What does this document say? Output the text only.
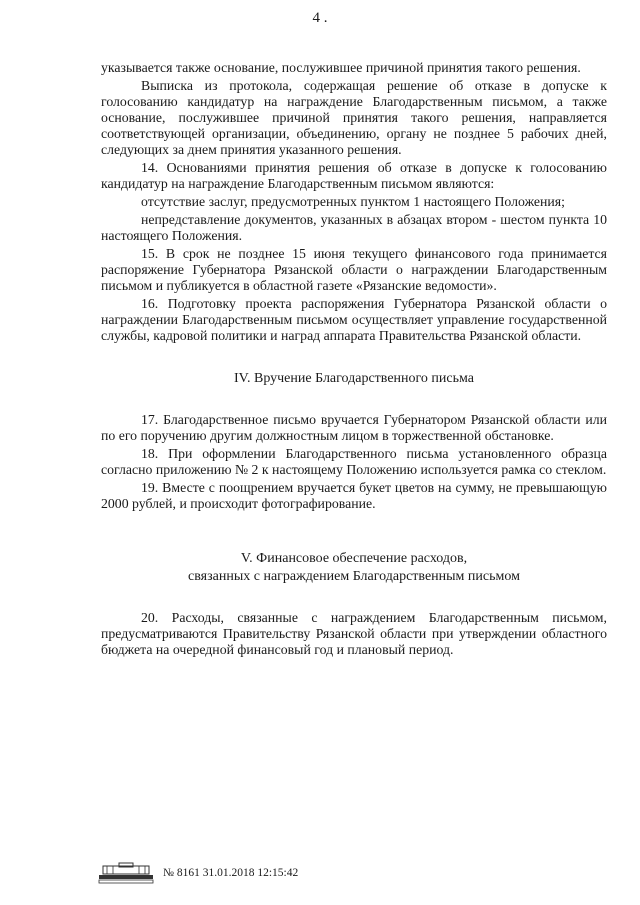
4 .

указывается также основание, послужившее причиной принятия такого решения.

Выписка из протокола, содержащая решение об отказе в допуске к голосованию кандидатур на награждение Благодарственным письмом, а также основание, послужившее причиной принятия такого решения, направляется соответствующей организации, объединению, органу не позднее 5 рабочих дней, следующих за днем принятия указанного решения.

14. Основаниями принятия решения об отказе в допуске к голосованию кандидатур на награждение Благодарственным письмом являются:

отсутствие заслуг, предусмотренных пунктом 1 настоящего Положения;

непредставление документов, указанных в абзацах втором - шестом пункта 10 настоящего Положения.

15. В срок не позднее 15 июня текущего финансового года принимается распоряжение Губернатора Рязанской области о награждении Благодарственным письмом и публикуется в областной газете «Рязанские ведомости».

16. Подготовку проекта распоряжения Губернатора Рязанской области о награждении Благодарственным письмом осуществляет управление государственной службы, кадровой политики и наград аппарата Правительства Рязанской области.

IV. Вручение Благодарственного письма

17. Благодарственное письмо вручается Губернатором Рязанской области или по его поручению другим должностным лицом в торжественной обстановке.

18. При оформлении Благодарственного письма установленного образца согласно приложению № 2 к настоящему Положению используется рамка со стеклом.

19. Вместе с поощрением вручается букет цветов на сумму, не превышающую 2000 рублей, и происходит фотографирование.

V. Финансовое обеспечение расходов,

связанных с награждением Благодарственным письмом

20. Расходы, связанные с награждением Благодарственным письмом, предусматриваются Правительству Рязанской области при утверждении областного бюджета на очередной финансовый год и плановый период.

№ 8161 31.01.2018 12:15:42
